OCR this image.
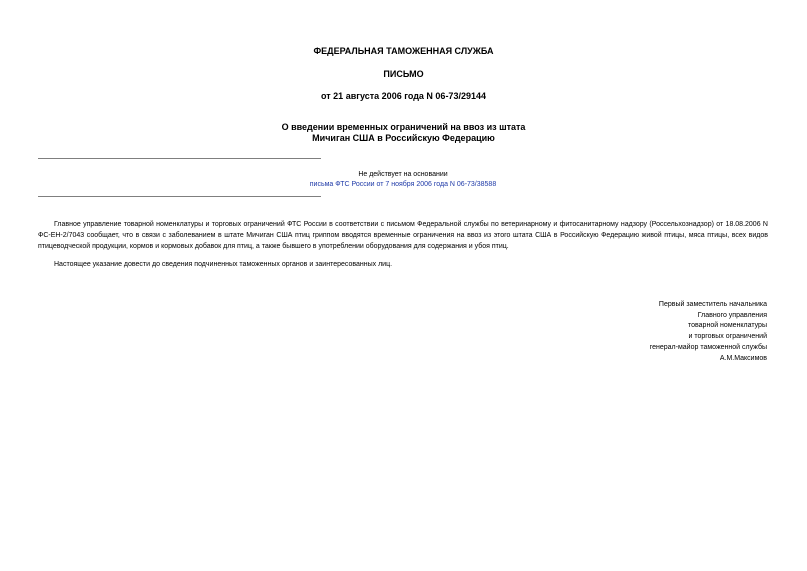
ФЕДЕРАЛЬНАЯ ТАМОЖЕННАЯ СЛУЖБА
ПИСЬМО
от 21 августа 2006 года N 06-73/29144
О введении временных ограничений на ввоз из штата
Мичиган США в Российскую Федерацию
Не действует на основании
письма ФТС России от 7 ноября 2006 года N 06-73/38588
Главное управление товарной номенклатуры и торговых ограничений ФТС России в соответствии с письмом Федеральной службы по ветеринарному и фитосанитарному надзору (Россельхознадзор) от 18.08.2006 N ФС-ЕН-2/7043 сообщает, что в связи с заболеванием в штате Мичиган США птиц гриппом вводятся временные ограничения на ввоз из этого штата США в Российскую Федерацию живой птицы, мяса птицы, всех видов птицеводческой продукции, кормов и кормовых добавок для птиц, а также бывшего в употреблении оборудования для содержания и убоя птиц.
Настоящее указание довести до сведения подчиненных таможенных органов и заинтересованных лиц.
Первый заместитель начальника
Главного управления
товарной номенклатуры
и торговых ограничений
генерал-майор таможенной службы
А.М.Максимов
